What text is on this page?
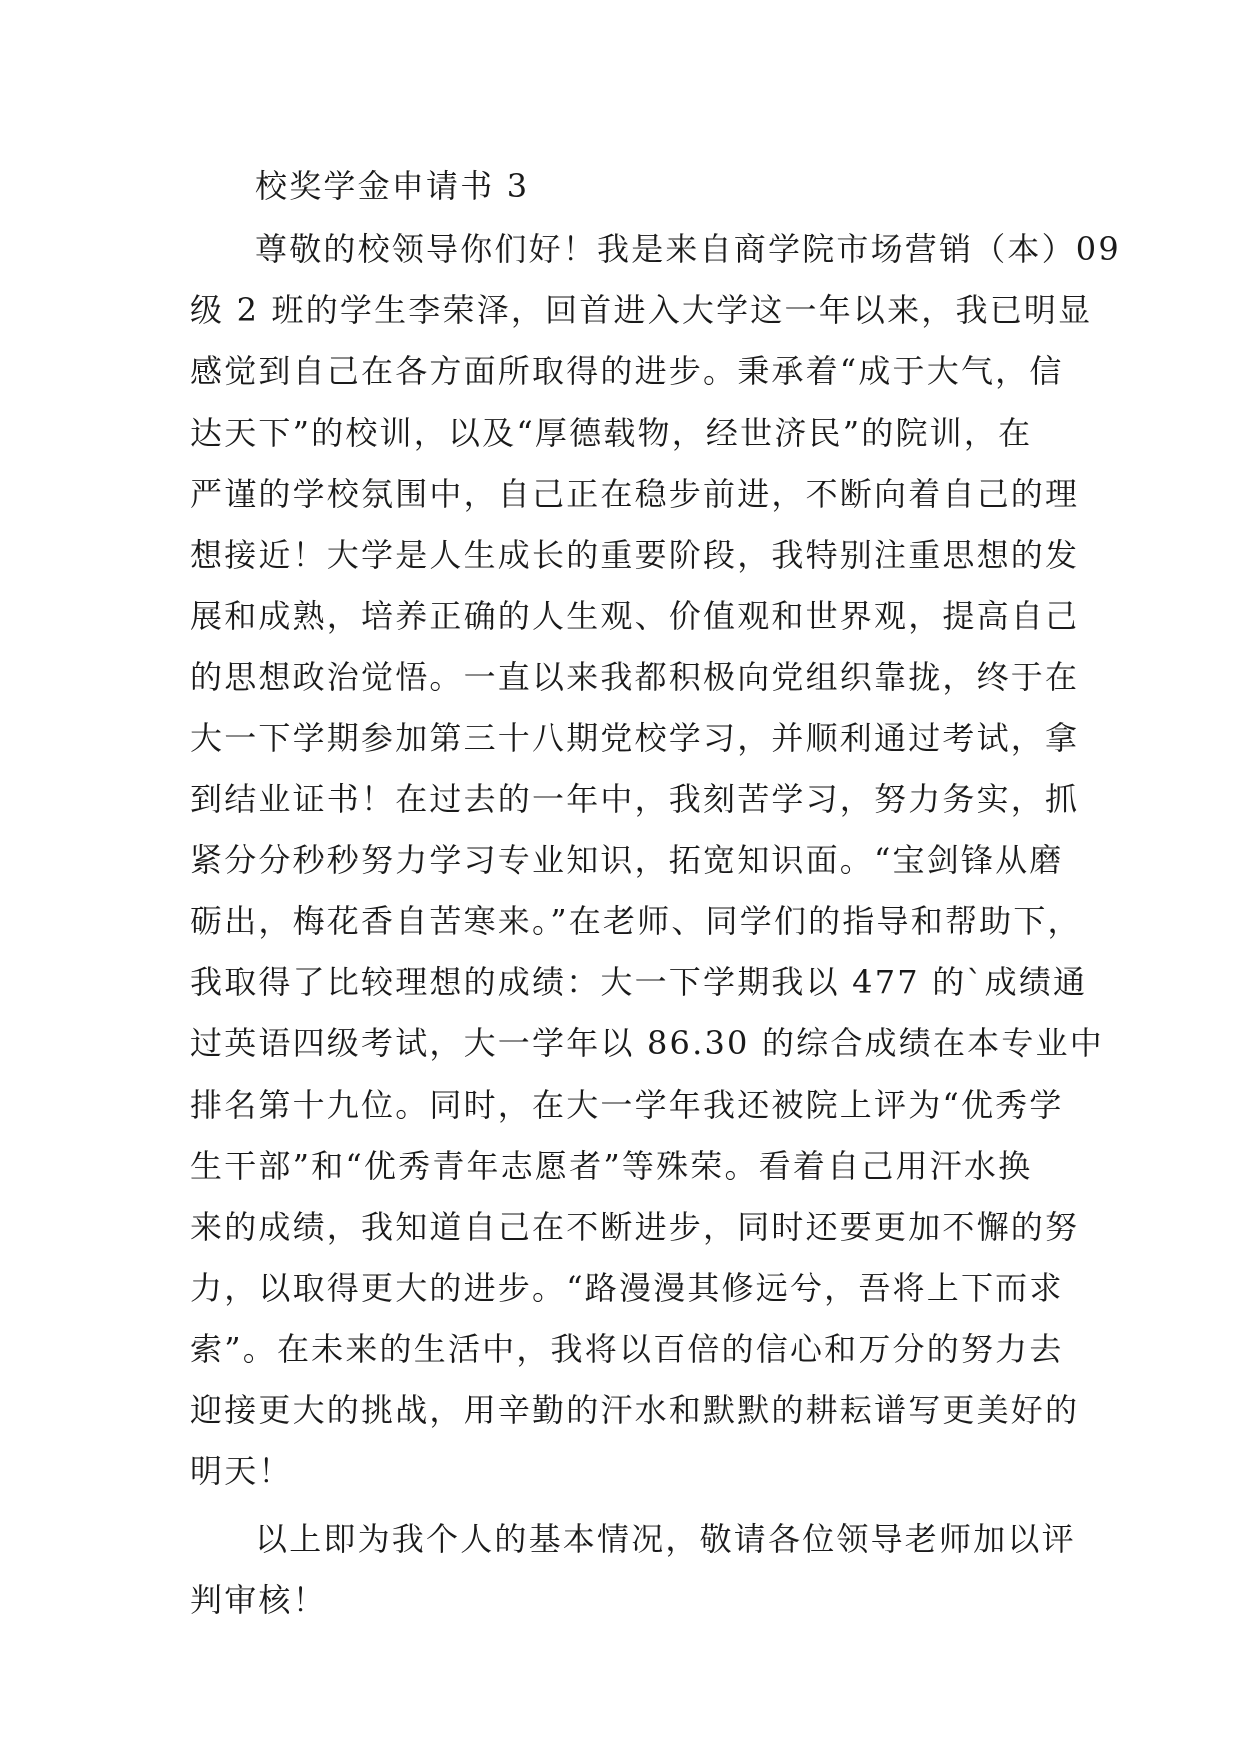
校奖学金申请书 3
尊敬的校领导你们好！我是来自商学院市场营销（本）09
级 2 班的学生李荣泽，回首进入大学这一年以来，我已明显
感觉到自己在各方面所取得的进步。秉承着“成于大气，信
达天下”的校训，以及“厚德载物，经世济民”的院训，在
严谨的学校氛围中，自己正在稳步前进，不断向着自己的理
想接近！大学是人生成长的重要阶段，我特别注重思想的发
展和成熟，培养正确的人生观、价值观和世界观，提高自己
的思想政治觉悟。一直以来我都积极向党组织靠拢，终于在
大一下学期参加第三十八期党校学习，并顺利通过考试，拿
到结业证书！在过去的一年中，我刻苦学习，努力务实，抓
紧分分秒秒努力学习专业知识，拓宽知识面。“宝剑锋从磨
砺出，梅花香自苦寒来。”在老师、同学们的指导和帮助下，
我取得了比较理想的成绩：大一下学期我以 477 的`成绩通
过英语四级考试，大一学年以 86.30 的综合成绩在本专业中
排名第十九位。同时，在大一学年我还被院上评为“优秀学
生干部”和“优秀青年志愿者”等殊荣。看着自己用汗水换
来的成绩，我知道自己在不断进步，同时还要更加不懈的努
力，以取得更大的进步。“路漫漫其修远兮，吾将上下而求
索”。在未来的生活中，我将以百倍的信心和万分的努力去
迎接更大的挑战，用辛勤的汗水和默默的耕耘谱写更美好的
明天！
以上即为我个人的基本情况，敬请各位领导老师加以评
判审核！
